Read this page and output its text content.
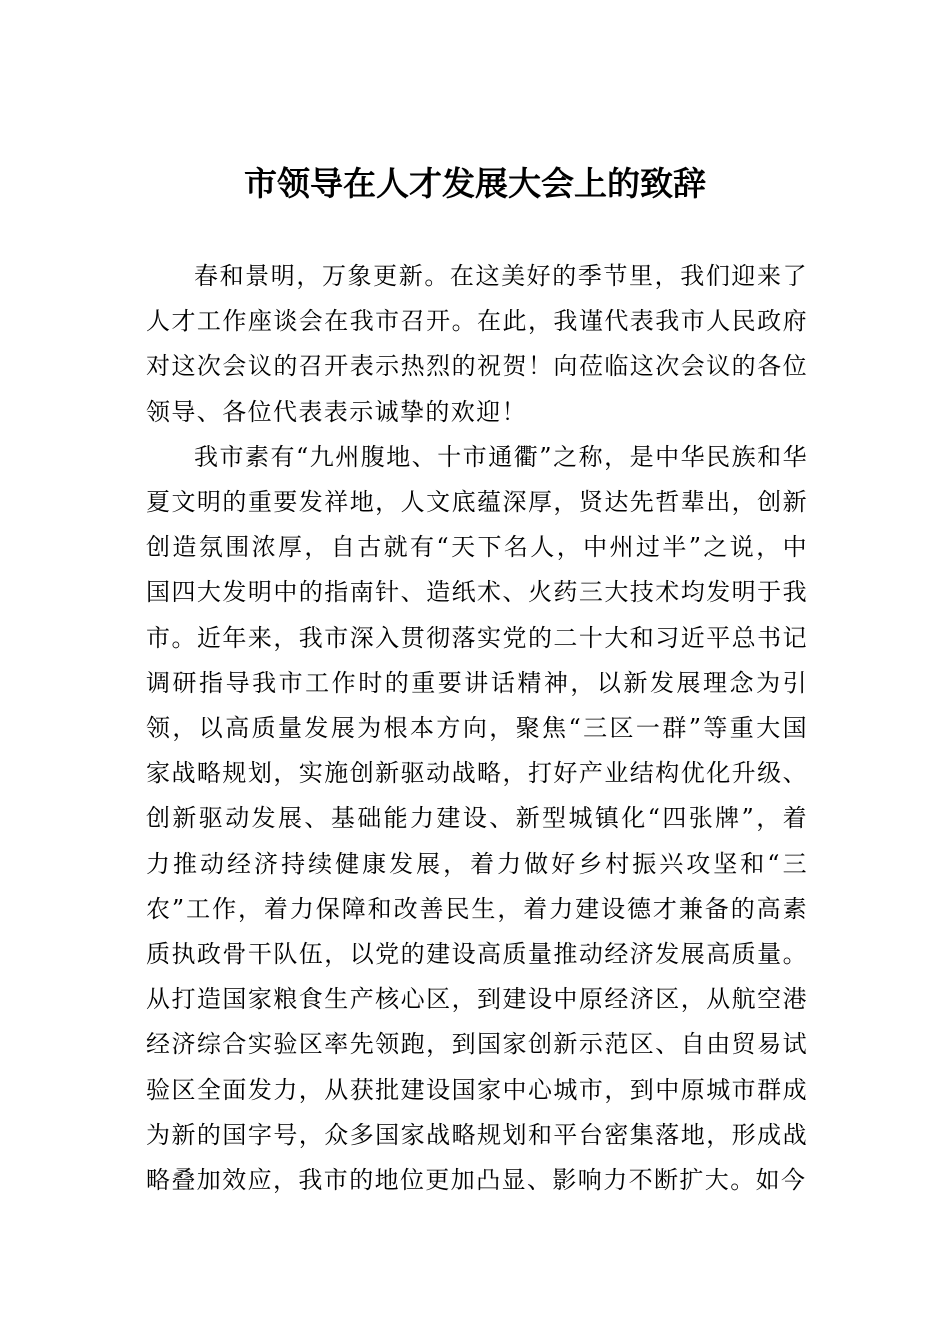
市领导在人才发展大会上的致辞

春和景明，万象更新。在这美好的季节里，我们迎来了人才工作座谈会在我市召开。在此，我谨代表我市人民政府对这次会议的召开表示热烈的祝贺！向莅临这次会议的各位领导、各位代表表示诚挚的欢迎！

我市素有“九州腹地、十市通衢”之称，是中华民族和华夏文明的重要发祥地，人文底蕴深厚，贤达先哲辈出，创新创造氛围浓厚，自古就有“天下名人，中州过半”之说，中国四大发明中的指南针、造纸术、火药三大技术均发明于我市。近年来，我市深入贯彻落实党的二十大和习近平总书记调研指导我市工作时的重要讲话精神，以新发展理念为引领，以高质量发展为根本方向，聚焦“三区一群”等重大国家战略规划，实施创新驱动战略，打好产业结构优化升级、创新驱动发展、基础能力建设、新型城镇化“四张牌”，着力推动经济持续健康发展，着力做好乡村振兴攻坚和“三农”工作，着力保障和改善民生，着力建设德才兼备的高素质执政骨干队伍，以党的建设高质量推动经济发展高质量。从打造国家粮食生产核心区，到建设中原经济区，从航空港经济综合实验区率先领跑，到国家创新示范区、自由贸易试验区全面发力，从获批建设国家中心城市，到中原城市群成为新的国字号，众多国家战略规划和平台密集落地，形成战略叠加效应，我市的地位更加凸显、影响力不断扩大。如今
